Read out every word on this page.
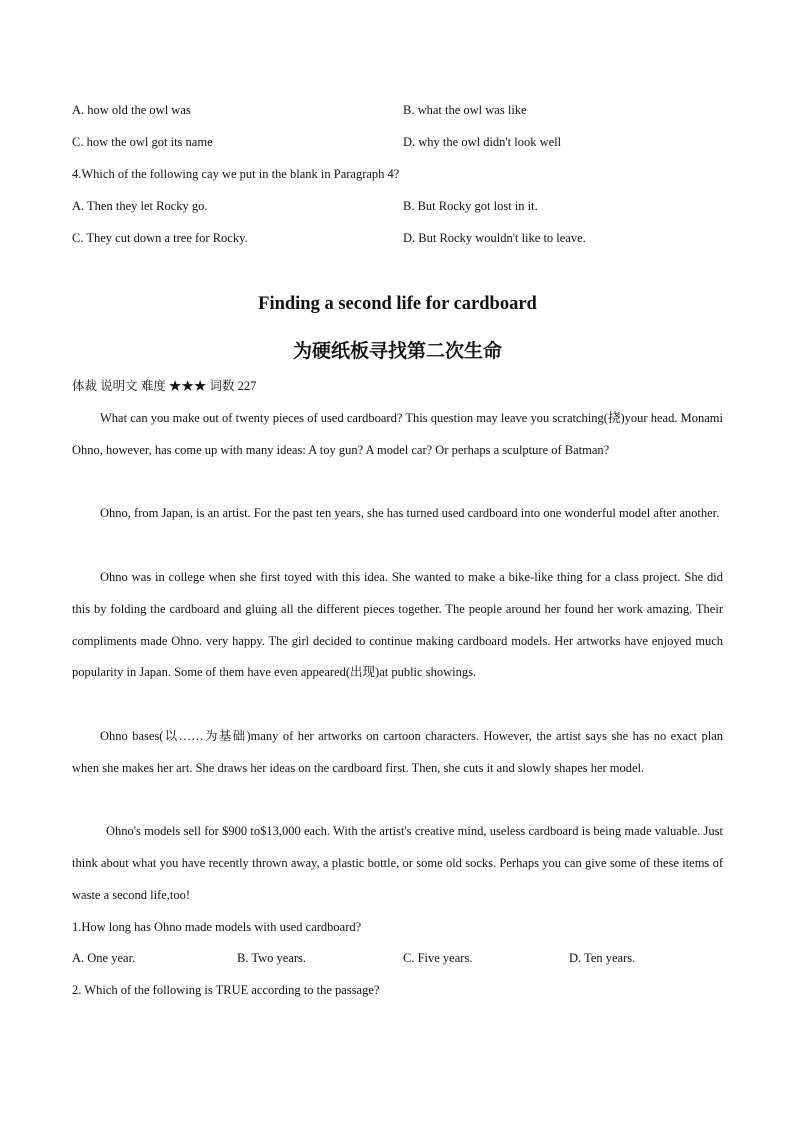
A. how old the owl was	B. what the owl was like
C. how the owl got its name	D. why the owl didn't look well
4.Which of the following cay we put in the blank in Paragraph 4?
A. Then they let Rocky go.	B. But Rocky got lost in it.
C. They cut down a tree for Rocky.	D. But Rocky wouldn't like to leave.
Finding a second life for cardboard
为硬纸板寻找第二次生命
体裁 说明文 难度 ★★★ 词数 227
What can you make out of twenty pieces of used cardboard? This question may leave you scratching(挠)your head. Monami Ohno, however, has come up with many ideas: A toy gun? A model car? Or perhaps a sculpture of Batman?
Ohno, from Japan, is an artist. For the past ten years, she has turned used cardboard into one wonderful model after another.
Ohno was in college when she first toyed with this idea. She wanted to make a bike-like thing for a class project. She did this by folding the cardboard and gluing all the different pieces together. The people around her found her work amazing. Their compliments made Ohno. very happy. The girl decided to continue making cardboard models. Her artworks have enjoyed much popularity in Japan. Some of them have even appeared(出现)at public showings.
Ohno bases(以……为基础)many of her artworks on cartoon characters. However, the artist says she has no exact plan when she makes her art. She draws her ideas on the cardboard first. Then, she cuts it and slowly shapes her model.
Ohno's models sell for $900 to$13,000 each. With the artist's creative mind, useless cardboard is being made valuable. Just think about what you have recently thrown away, a plastic bottle, or some old socks. Perhaps you can give some of these items of waste a second life,too!
1.How long has Ohno made models with used cardboard?
A. One year.	B. Two years.	C. Five years.	D. Ten years.
2. Which of the following is TRUE according to the passage?
